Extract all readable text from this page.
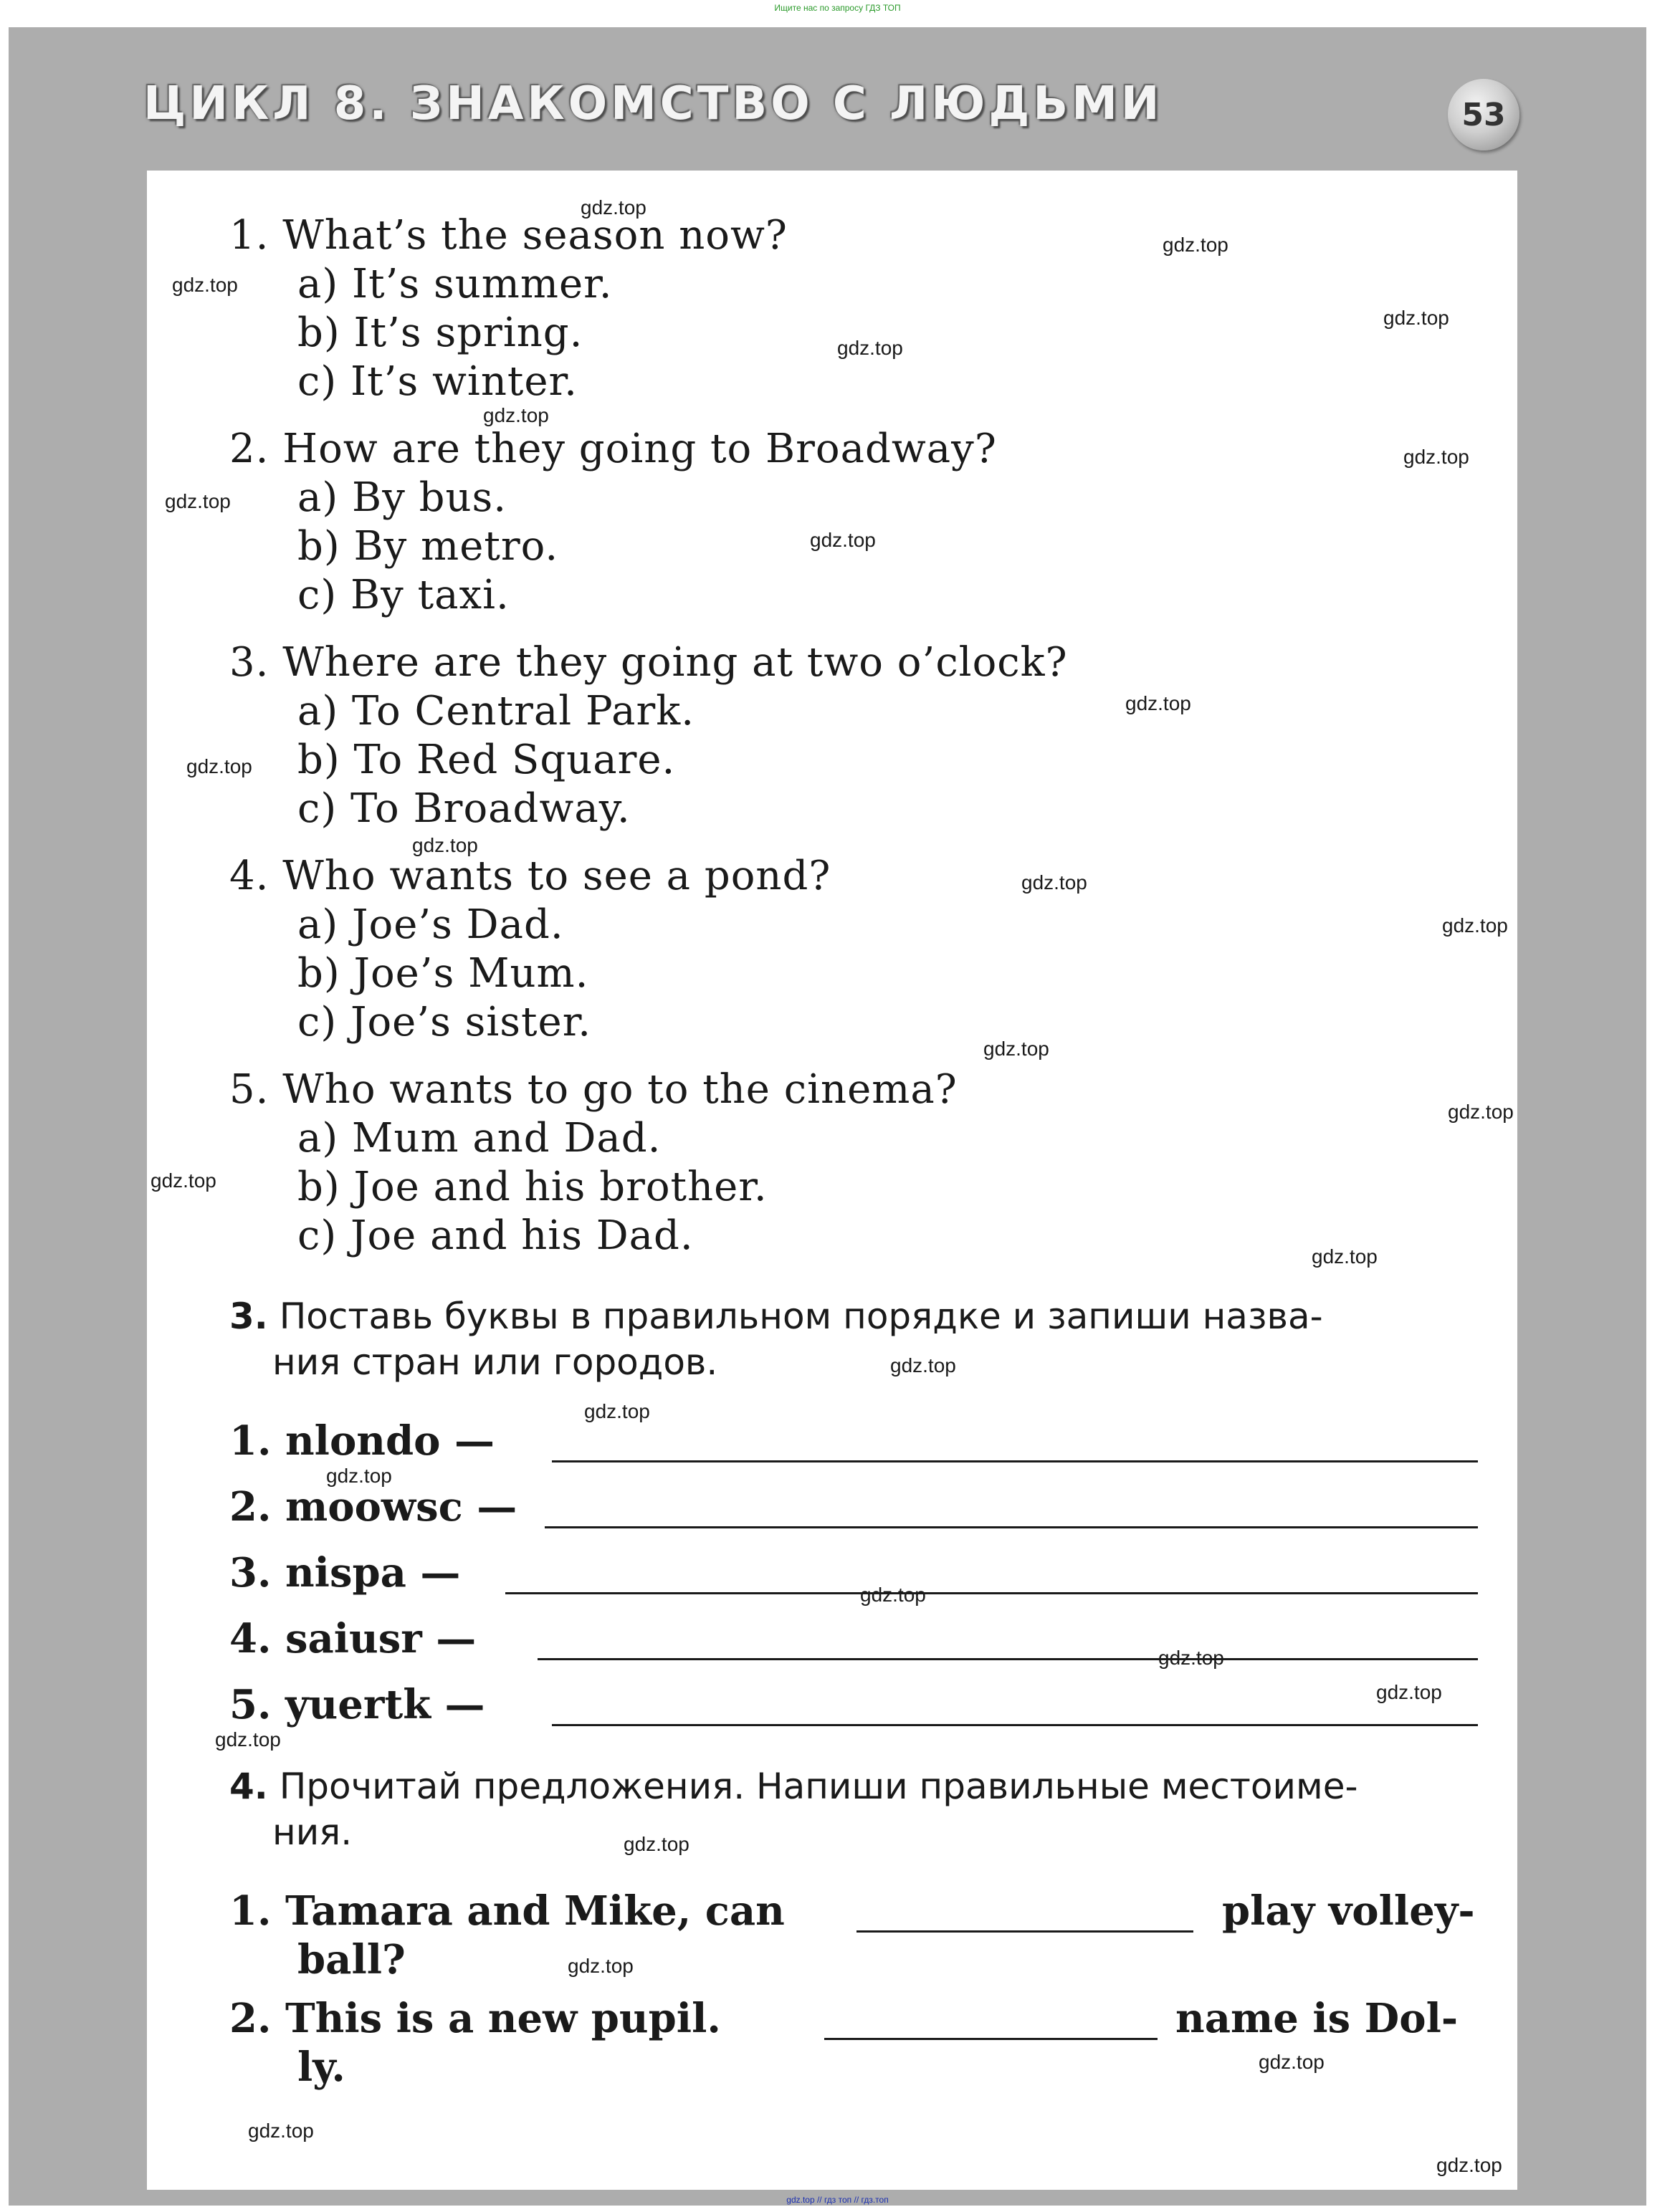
Ищите нас по запросу ГДЗ ТОП
ЦИКЛ 8. ЗНАКОМСТВО С ЛЮДЬМИ	53
1. What’s the season now?
a) It’s summer.
b) It’s spring.
c) It’s winter.
2. How are they going to Broadway?
a) By bus.
b) By metro.
c) By taxi.
3. Where are they going at two o’clock?
a) To Central Park.
b) To Red Square.
c) To Broadway.
4. Who wants to see a pond?
a) Joe’s Dad.
b) Joe’s Mum.
c) Joe’s sister.
5. Who wants to go to the cinema?
a) Mum and Dad.
b) Joe and his brother.
c) Joe and his Dad.
3. Поставь буквы в правильном порядке и запиши назва-
ния стран или городов.
1. nlondo —
2. moowsc —
3. nispa —
4. saiusr —
5. yuertk —
4. Прочитай предложения. Напиши правильные местоиме-
ния.
1. Tamara and Mike, can	play volley-
ball?
2. This is a new pupil.	name is Dol-
ly.
gdz.top
gdz.top
gdz.top
gdz.top
gdz.top
gdz.top
gdz.top
gdz.top
gdz.top
gdz.top
gdz.top
gdz.top
gdz.top
gdz.top
gdz.top
gdz.top
gdz.top
gdz.top
gdz.top
gdz.top
gdz.top
gdz.top
gdz.top
gdz.top
gdz.top
gdz.top
gdz.top
gdz.top
gdz.top
gdz.top
gdz.top // гдз топ // гдз.топ
